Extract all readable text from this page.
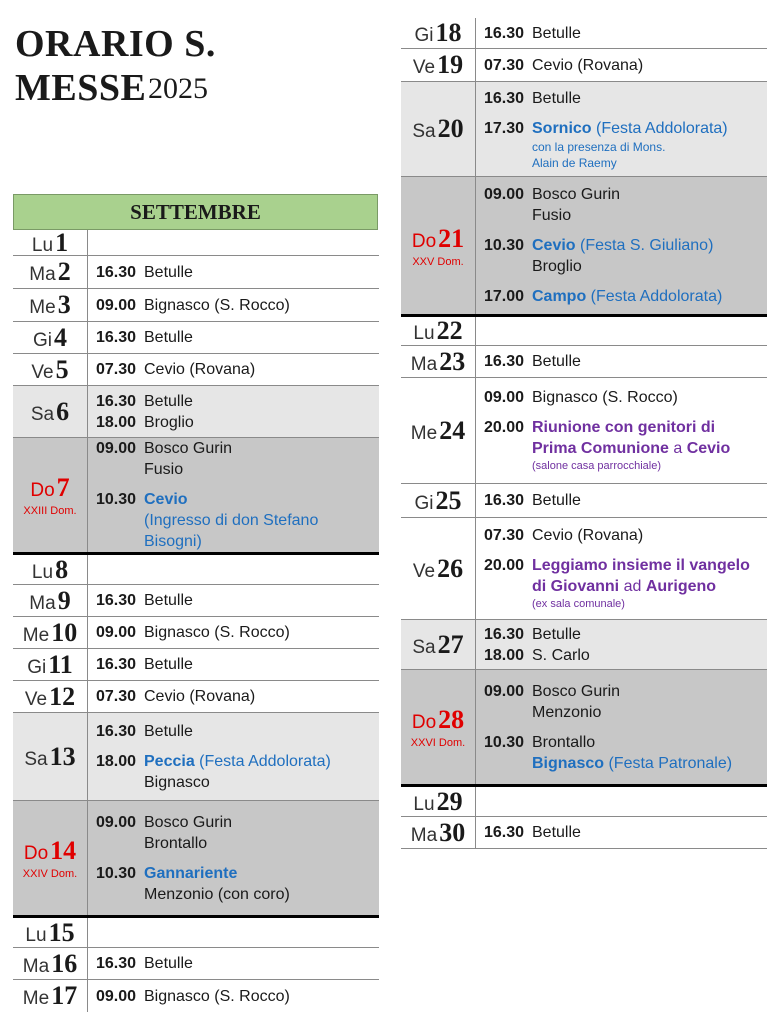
ORARIO S. MESSE 2025
SETTEMBRE
Lu 1
Ma 2 16.30 Betulle
Me 3 09.00 Bignasco (S. Rocco)
Gi 4 16.30 Betulle
Ve 5 07.30 Cevio (Rovana)
Sa 6 16.30 Betulle
18.00 Broglio
Do 7
XXIII Dom.
09.00 Bosco Gurin
Fusio
10.30 Cevio
(Ingresso di don Stefano Bisogni)
Lu 8
Ma 9 16.30 Betulle
Me 10 09.00 Bignasco (S. Rocco)
Gi 11 16.30 Betulle
Ve 12 07.30 Cevio (Rovana)
Sa 13
16.30 Betulle
18.00 Peccia (Festa Addolorata)
Bignasco
Do 14
XXIV Dom.
09.00 Bosco Gurin
Brontallo
10.30 Gannariente
Menzonio (con coro)
Lu 15
Ma 16 16.30 Betulle
Me 17 09.00 Bignasco (S. Rocco)
Gi 18 16.30 Betulle
Ve 19 07.30 Cevio (Rovana)
Sa 20
16.30 Betulle
17.30 Sornico (Festa Addolorata)
con la presenza di Mons.
Alain de Raemy
Do 21
XXV Dom.
09.00 Bosco Gurin
Fusio
10.30 Cevio (Festa S. Giuliano)
Broglio
17.00 Campo (Festa Addolorata)
Lu 22
Ma 23 16.30 Betulle
Me 24
09.00 Bignasco (S. Rocco)
20.00 Riunione con genitori di
Prima Comunione a Cevio
(salone casa parrocchiale)
Gi 25 16.30 Betulle
Ve 26
07.30 Cevio (Rovana)
20.00 Leggiamo insieme il vangelo
di Giovanni ad Aurigeno
(ex sala comunale)
Sa 27 16.30 Betulle
18.00 S. Carlo
Do 28
XXVI Dom.
09.00 Bosco Gurin
Menzonio
10.30 Brontallo
Bignasco (Festa Patronale)
Lu 29
Ma 30 16.30 Betulle
